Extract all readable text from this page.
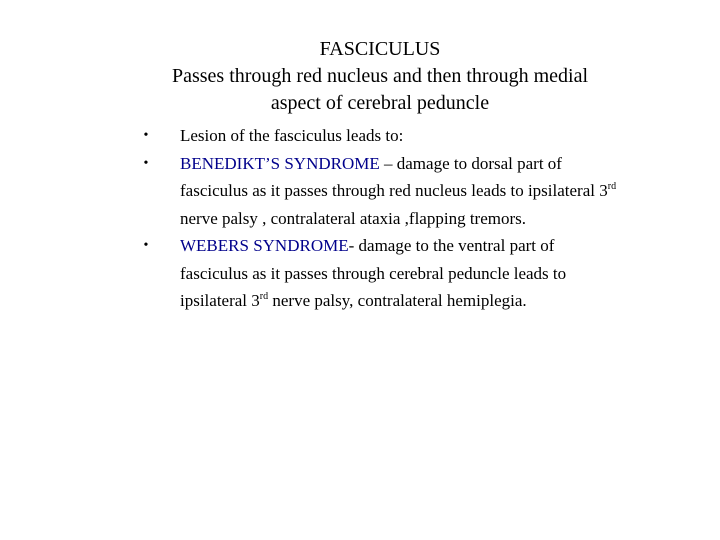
FASCICULUS
Passes through red nucleus and then through medial
aspect of cerebral peduncle
• Lesion of the fasciculus leads to:
• BENEDIKT’S SYNDROME – damage to dorsal part of
fasciculus as it passes through red nucleus leads to ipsilateral 3rd
nerve palsy , contralateral ataxia ,flapping tremors.
• WEBERS SYNDROME- damage to the ventral part of
fasciculus as it passes through cerebral peduncle leads to
ipsilateral 3rd nerve palsy, contralateral hemiplegia.
